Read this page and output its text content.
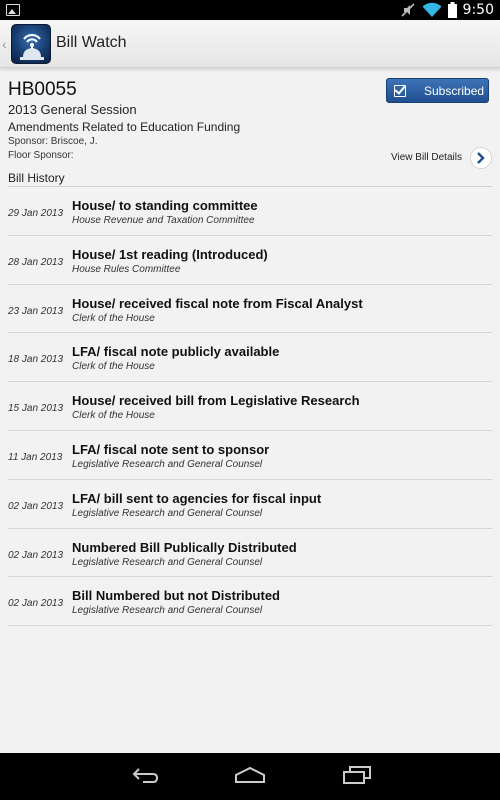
9:50
‹	Bill Watch
HB0055
2013 General Session
Amendments Related to Education Funding
Sponsor: Briscoe, J.
Floor Sponsor:
Subscribed
View Bill Details
Bill History
29 Jan 2013
House/ to standing committee
House Revenue and Taxation Committee
28 Jan 2013
House/ 1st reading (Introduced)
House Rules Committee
23 Jan 2013
House/ received fiscal note from Fiscal Analyst
Clerk of the House
18 Jan 2013
LFA/ fiscal note publicly available
Clerk of the House
15 Jan 2013
House/ received bill from Legislative Research
Clerk of the House
11 Jan 2013
LFA/ fiscal note sent to sponsor
Legislative Research and General Counsel
02 Jan 2013
LFA/ bill sent to agencies for fiscal input
Legislative Research and General Counsel
02 Jan 2013
Numbered Bill Publically Distributed
Legislative Research and General Counsel
02 Jan 2013
Bill Numbered but not Distributed
Legislative Research and General Counsel
